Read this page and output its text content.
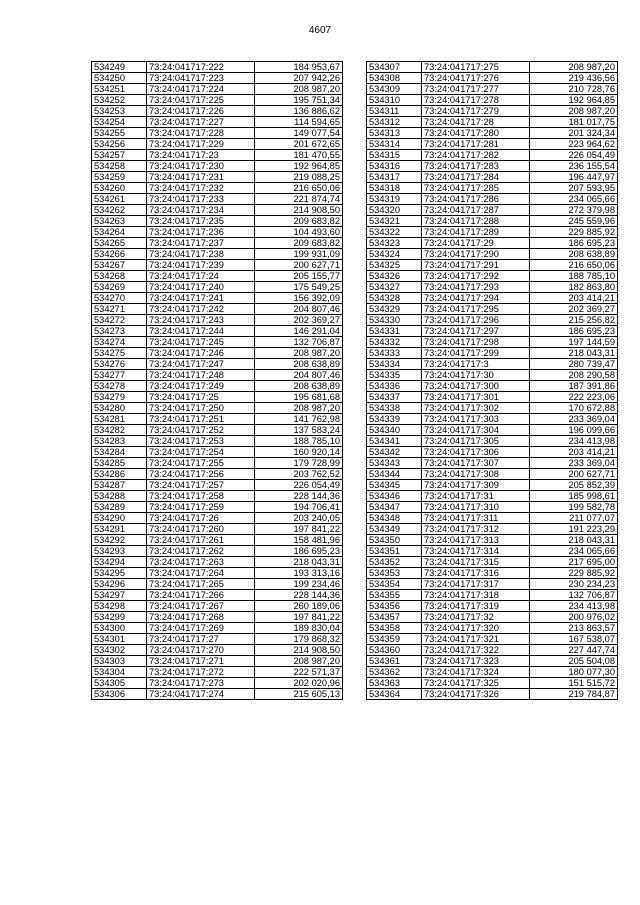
4607
534249	73:24:041717:222	184 953,67
534250	73:24:041717:223	207 942,26
534251	73:24:041717:224	208 987,20
534252	73:24:041717:225	195 751,34
534253	73:24:041717:226	136 886,62
534254	73:24:041717:227	114 594,65
534255	73:24:041717:228	149 077,54
534256	73:24:041717:229	201 672,65
534257	73:24:041717:23	181 470,55
534258	73:24:041717:230	192 964,85
534259	73:24:041717:231	219 088,25
534260	73:24:041717:232	216 650,06
534261	73:24:041717:233	221 874,74
534262	73:24:041717:234	214 908,50
534263	73:24:041717:235	209 683,82
534264	73:24:041717:236	104 493,60
534265	73:24:041717:237	209 683,82
534266	73:24:041717:238	199 931,09
534267	73:24:041717:239	200 627,71
534268	73:24:041717:24	205 155,77
534269	73:24:041717:240	175 549,25
534270	73:24:041717:241	156 392,09
534271	73:24:041717:242	204 807,46
534272	73:24:041717:243	202 369,27
534273	73:24:041717:244	146 291,04
534274	73:24:041717:245	132 706,87
534275	73:24:041717:246	208 987,20
534276	73:24:041717:247	208 638,89
534277	73:24:041717:248	204 807,46
534278	73:24:041717:249	208 638,89
534279	73:24:041717:25	195 681,68
534280	73:24:041717:250	208 987,20
534281	73:24:041717:251	141 762,98
534282	73:24:041717:252	137 583,24
534283	73:24:041717:253	188 785,10
534284	73:24:041717:254	160 920,14
534285	73:24:041717:255	179 728,99
534286	73:24:041717:256	203 762,52
534287	73:24:041717:257	226 054,49
534288	73:24:041717:258	228 144,36
534289	73:24:041717:259	194 706,41
534290	73:24:041717:26	203 240,05
534291	73:24:041717:260	197 841,22
534292	73:24:041717:261	158 481,96
534293	73:24:041717:262	186 695,23
534294	73:24:041717:263	218 043,31
534295	73:24:041717:264	193 313,16
534296	73:24:041717:265	199 234,46
534297	73:24:041717:266	228 144,36
534298	73:24:041717:267	260 189,06
534299	73:24:041717:268	197 841,22
534300	73:24:041717:269	189 830,04
534301	73:24:041717:27	179 868,32
534302	73:24:041717:270	214 908,50
534303	73:24:041717:271	208 987,20
534304	73:24:041717:272	222 571,37
534305	73:24:041717:273	202 020,96
534306	73:24:041717:274	215 605,13
534307	73:24:041717:275	208 987,20
534308	73:24:041717:276	219 436,56
534309	73:24:041717:277	210 728,76
534310	73:24:041717:278	192 964,85
534311	73:24:041717:279	208 987,20
534312	73:24:041717:28	181 017,75
534313	73:24:041717:280	201 324,34
534314	73:24:041717:281	223 964,62
534315	73:24:041717:282	226 054,49
534316	73:24:041717:283	236 155,54
534317	73:24:041717:284	196 447,97
534318	73:24:041717:285	207 593,95
534319	73:24:041717:286	234 065,66
534320	73:24:041717:287	272 379,98
534321	73:24:041717:288	245 559,96
534322	73:24:041717:289	229 885,92
534323	73:24:041717:29	186 695,23
534324	73:24:041717:290	208 638,89
534325	73:24:041717:291	216 650,06
534326	73:24:041717:292	188 785,10
534327	73:24:041717:293	182 863,80
534328	73:24:041717:294	203 414,21
534329	73:24:041717:295	202 369,27
534330	73:24:041717:296	215 256,82
534331	73:24:041717:297	186 695,23
534332	73:24:041717:298	197 144,59
534333	73:24:041717:299	218 043,31
534334	73:24:041717:3	280 739,47
534335	73:24:041717:30	208 290,58
534336	73:24:041717:300	187 391,86
534337	73:24:041717:301	222 223,06
534338	73:24:041717:302	170 672,88
534339	73:24:041717:303	233 369,04
534340	73:24:041717:304	196 099,66
534341	73:24:041717:305	234 413,98
534342	73:24:041717:306	203 414,21
534343	73:24:041717:307	233 369,04
534344	73:24:041717:308	200 627,71
534345	73:24:041717:309	205 852,39
534346	73:24:041717:31	185 998,61
534347	73:24:041717:310	199 582,78
534348	73:24:041717:311	211 077,07
534349	73:24:041717:312	191 223,29
534350	73:24:041717:313	218 043,31
534351	73:24:041717:314	234 065,66
534352	73:24:041717:315	217 695,00
534353	73:24:041717:316	229 885,92
534354	73:24:041717:317	230 234,23
534355	73:24:041717:318	132 706,87
534356	73:24:041717:319	234 413,98
534357	73:24:041717:32	200 976,02
534358	73:24:041717:320	213 863,57
534359	73:24:041717:321	167 538,07
534360	73:24:041717:322	227 447,74
534361	73:24:041717:323	205 504,08
534362	73:24:041717:324	180 077,30
534363	73:24:041717:325	151 515,72
534364	73:24:041717:326	219 784,87
